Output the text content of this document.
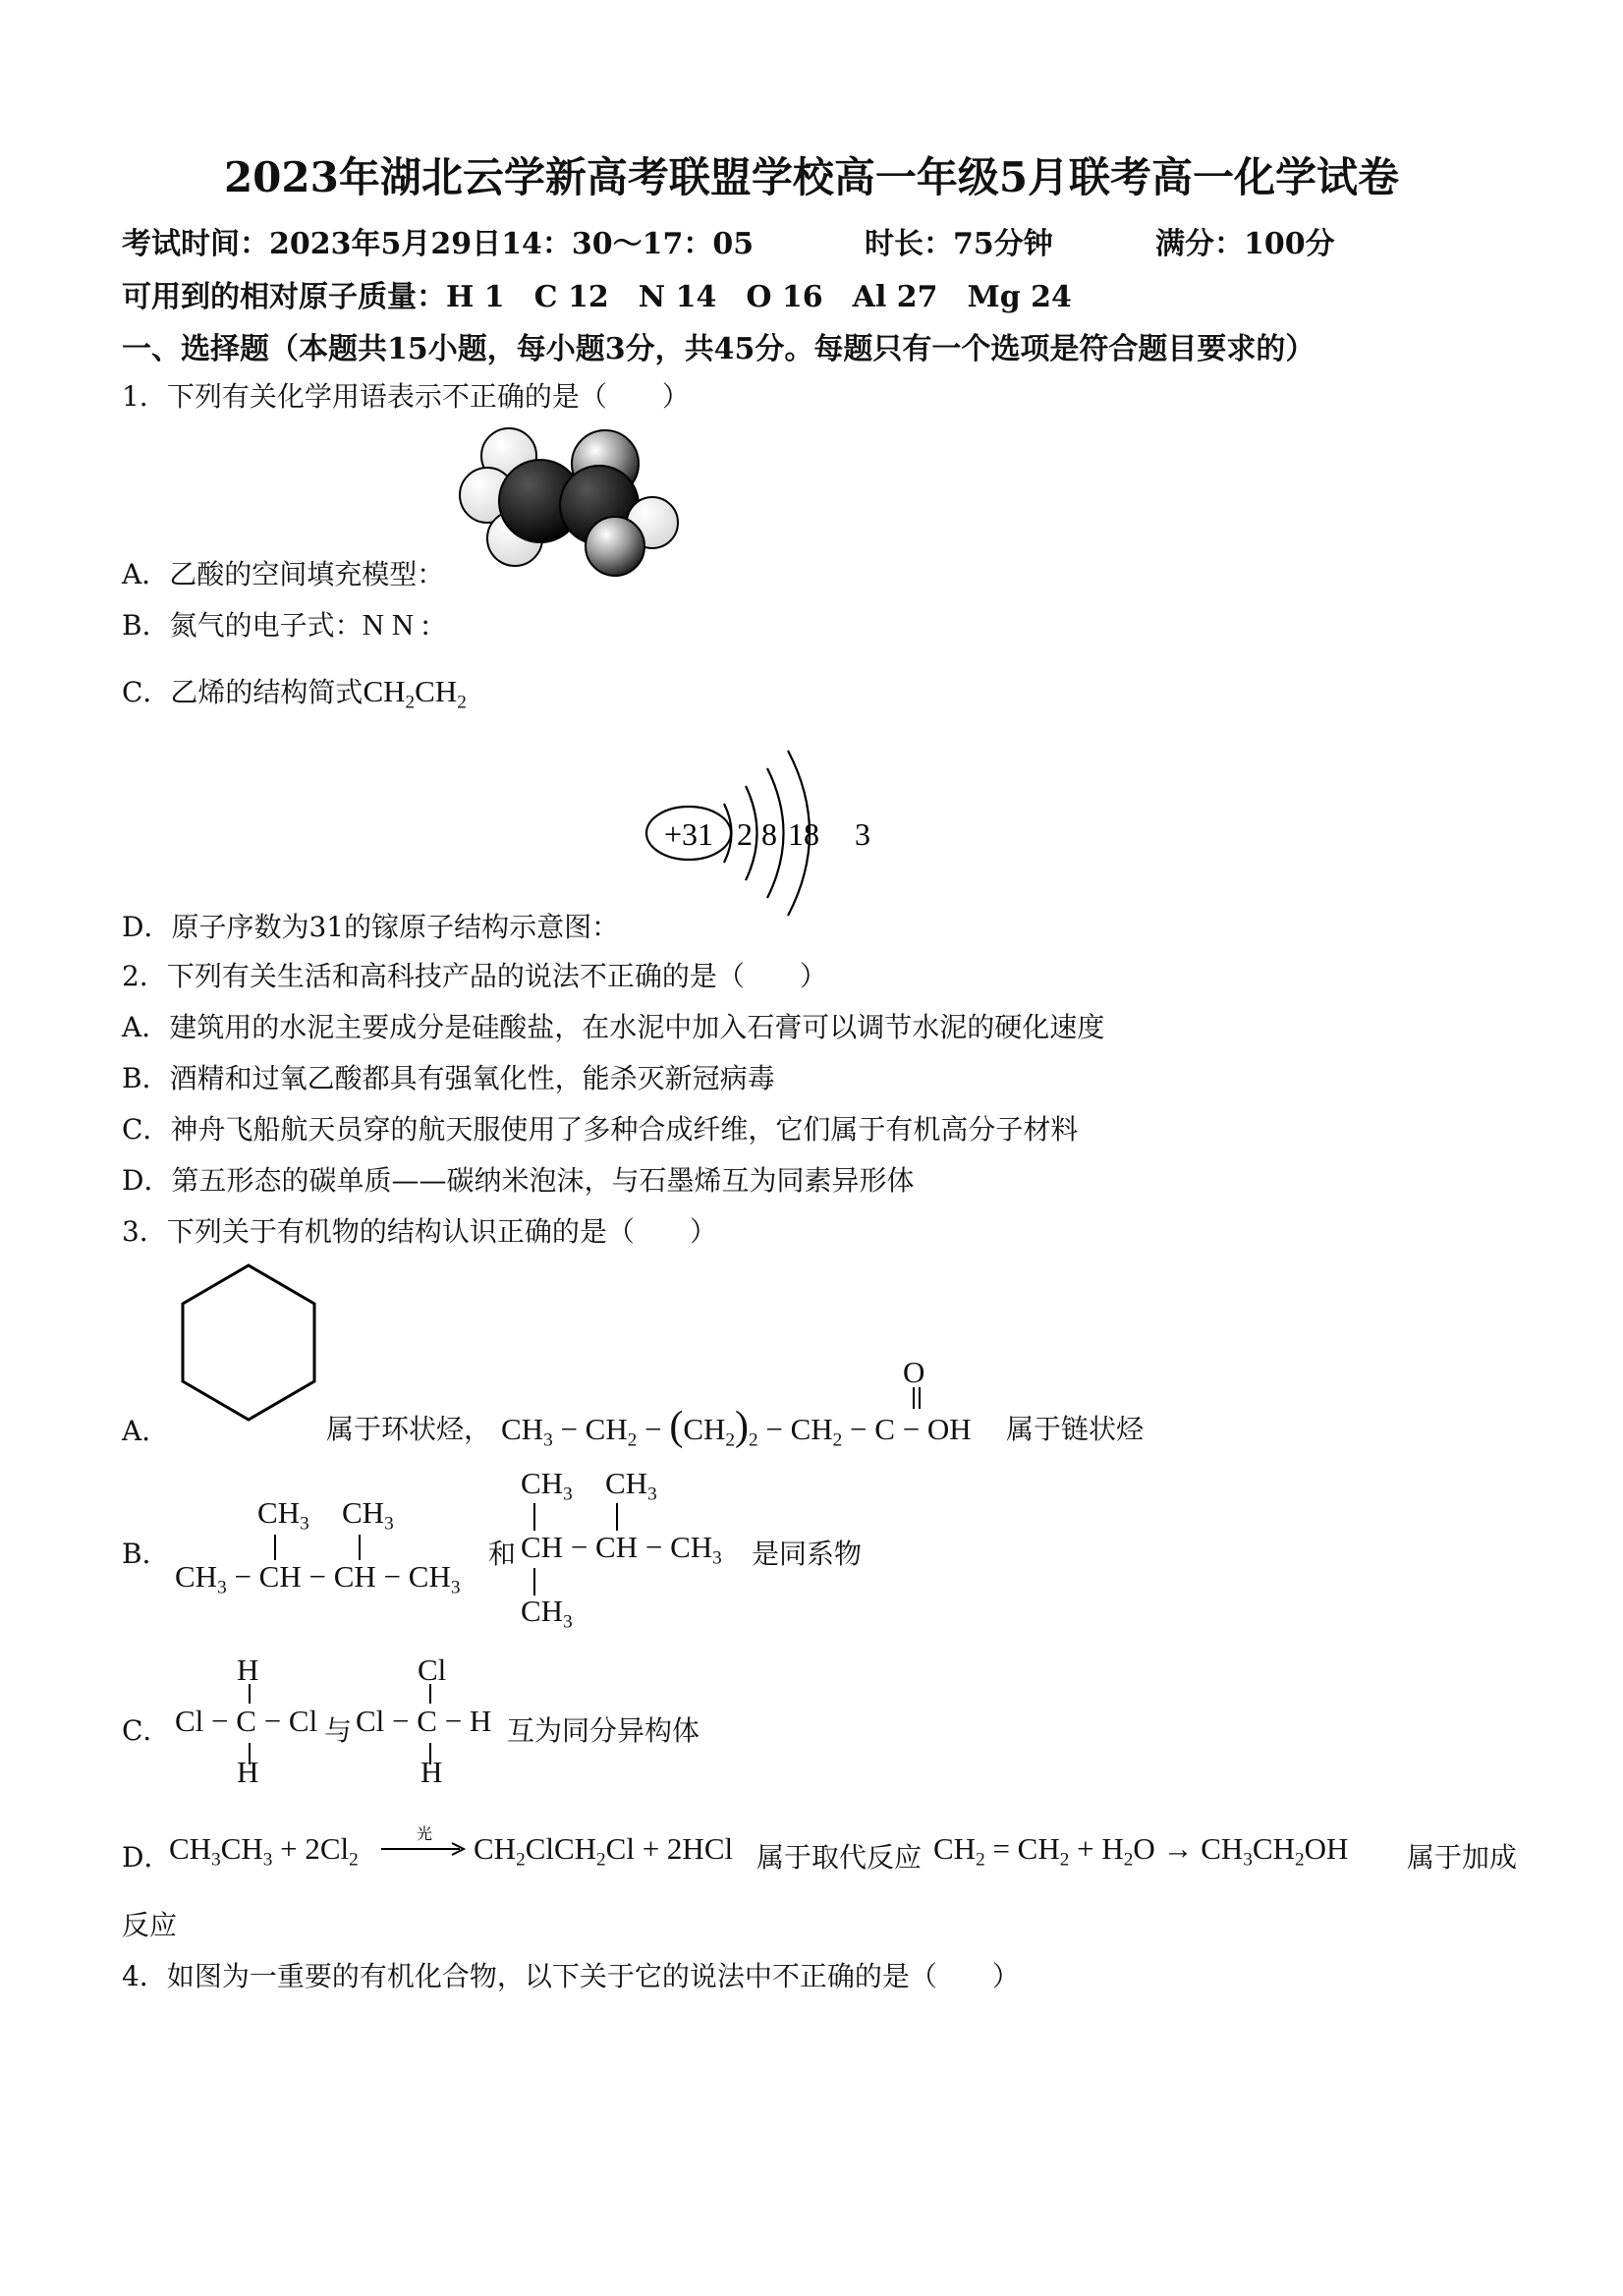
2023年湖北云学新高考联盟学校高一年级5月联考高一化学试卷
考试时间：2023年5月29日14：30～17：05	时长：75分钟	满分：100分
可用到的相对原子质量：H 1　C 12　N 14　O 16　Al 27　Mg 24
一、选择题（本题共15小题，每小题3分，共45分。每题只有一个选项是符合题目要求的）
1．下列有关化学用语表示不正确的是（　　）
A．乙酸的空间填充模型：
B．氮气的电子式：N N :
C．乙烯的结构简式$CH_2CH_2$
+31 2 8 18 3
D．原子序数为31的镓原子结构示意图：
2．下列有关生活和高科技产品的说法不正确的是（　　）
A．建筑用的水泥主要成分是硅酸盐，在水泥中加入石膏可以调节水泥的硬化速度
B．酒精和过氧乙酸都具有强氧化性，能杀灭新冠病毒
C．神舟飞船航天员穿的航天服使用了多种合成纤维，它们属于有机高分子材料
D．第五形态的碳单质——碳纳米泡沫，与石墨烯互为同素异形体
3．下列关于有机物的结构认识正确的是（　　）
A．	属于环状烃， $CH_3 - CH_2 - (CH_2)_2 - CH_2 - C$ − OH
O
属于链状烃
B．
$CH_3$ − CH − CH − $CH_3$
$CH_3$ $CH_3$
和 CH − CH − $CH_3$
$CH_3$ $CH_3$
$CH_3$
是同系物
C． Cl − C − Cl
H
H
与 Cl − C − H
Cl
H
互为同分异构体
D．
$CH_3CH_3 + 2Cl_2$
光 $CH_2ClCH_2Cl + 2HCl$ 属于取代反应 $CH_2 = CH_2 + H_2O \to CH_3CH_2OH$ 属于加成
反应
4．如图为一重要的有机化合物，以下关于它的说法中不正确的是（　　）
